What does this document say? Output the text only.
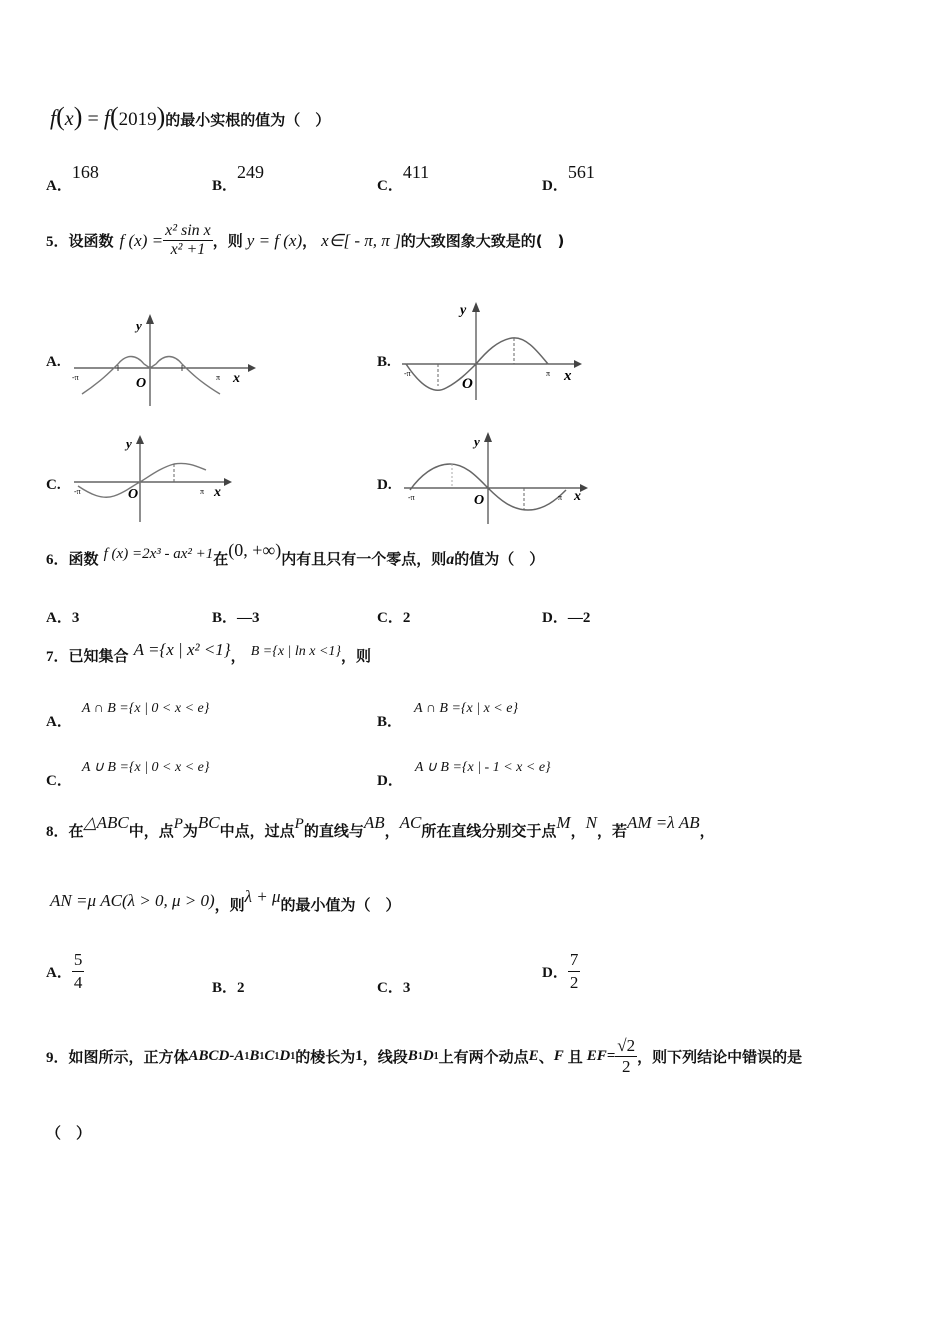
f(x) = f(2019)的最小实根的值为（　）
A．168
B．249
C．411
D．561
5． 设函数 f $(x) = \frac{\text{x² sin x}}{\text{x² +1}}$ ，则 y = f (x) ， x∈[ - π, π ] 的大致图象大致是的(　)
A.	B.
C.	D.
y
x
O
-π	π
y
x
O
-π	π
y
x
O
-π	π
y
x
O
-π	π
6．函数 f (x) =2x³ - ax² +1在(0, +∞)内有且只有一个零点，则a的值为（　）
A．3	B．—3	C．2	D．—2
7．已知集合 A ={x | x² <1}， B ={x | ln x <1}，则
A．A ∩ B ={x | 0 < x < e}
B．A ∩ B ={x | x < e}
C．A ∪ B ={x | 0 < x < e}
D．A ∪ B ={x | - 1 < x < e}
8．在△ABC中，点P为BC中点，过点P的直线与AB，AC所在直线分别交于点M，N，若AM =λ AB，
AN =μ AC(λ > 0, μ > 0)，则λ + μ的最小值为（　）
A． $\frac{5}{4}$	B．2	C．3
D． $\frac{7}{2}$
9． 如图所示，正方体 ABCD-A 1 B 1 C 1 D 1 的棱长为 1 ，线段 B 1 D 1 上有两个动点 E 、 F 且 $EF= \frac{√2}{2}$ ，则下列结论中错误的是
（　）
